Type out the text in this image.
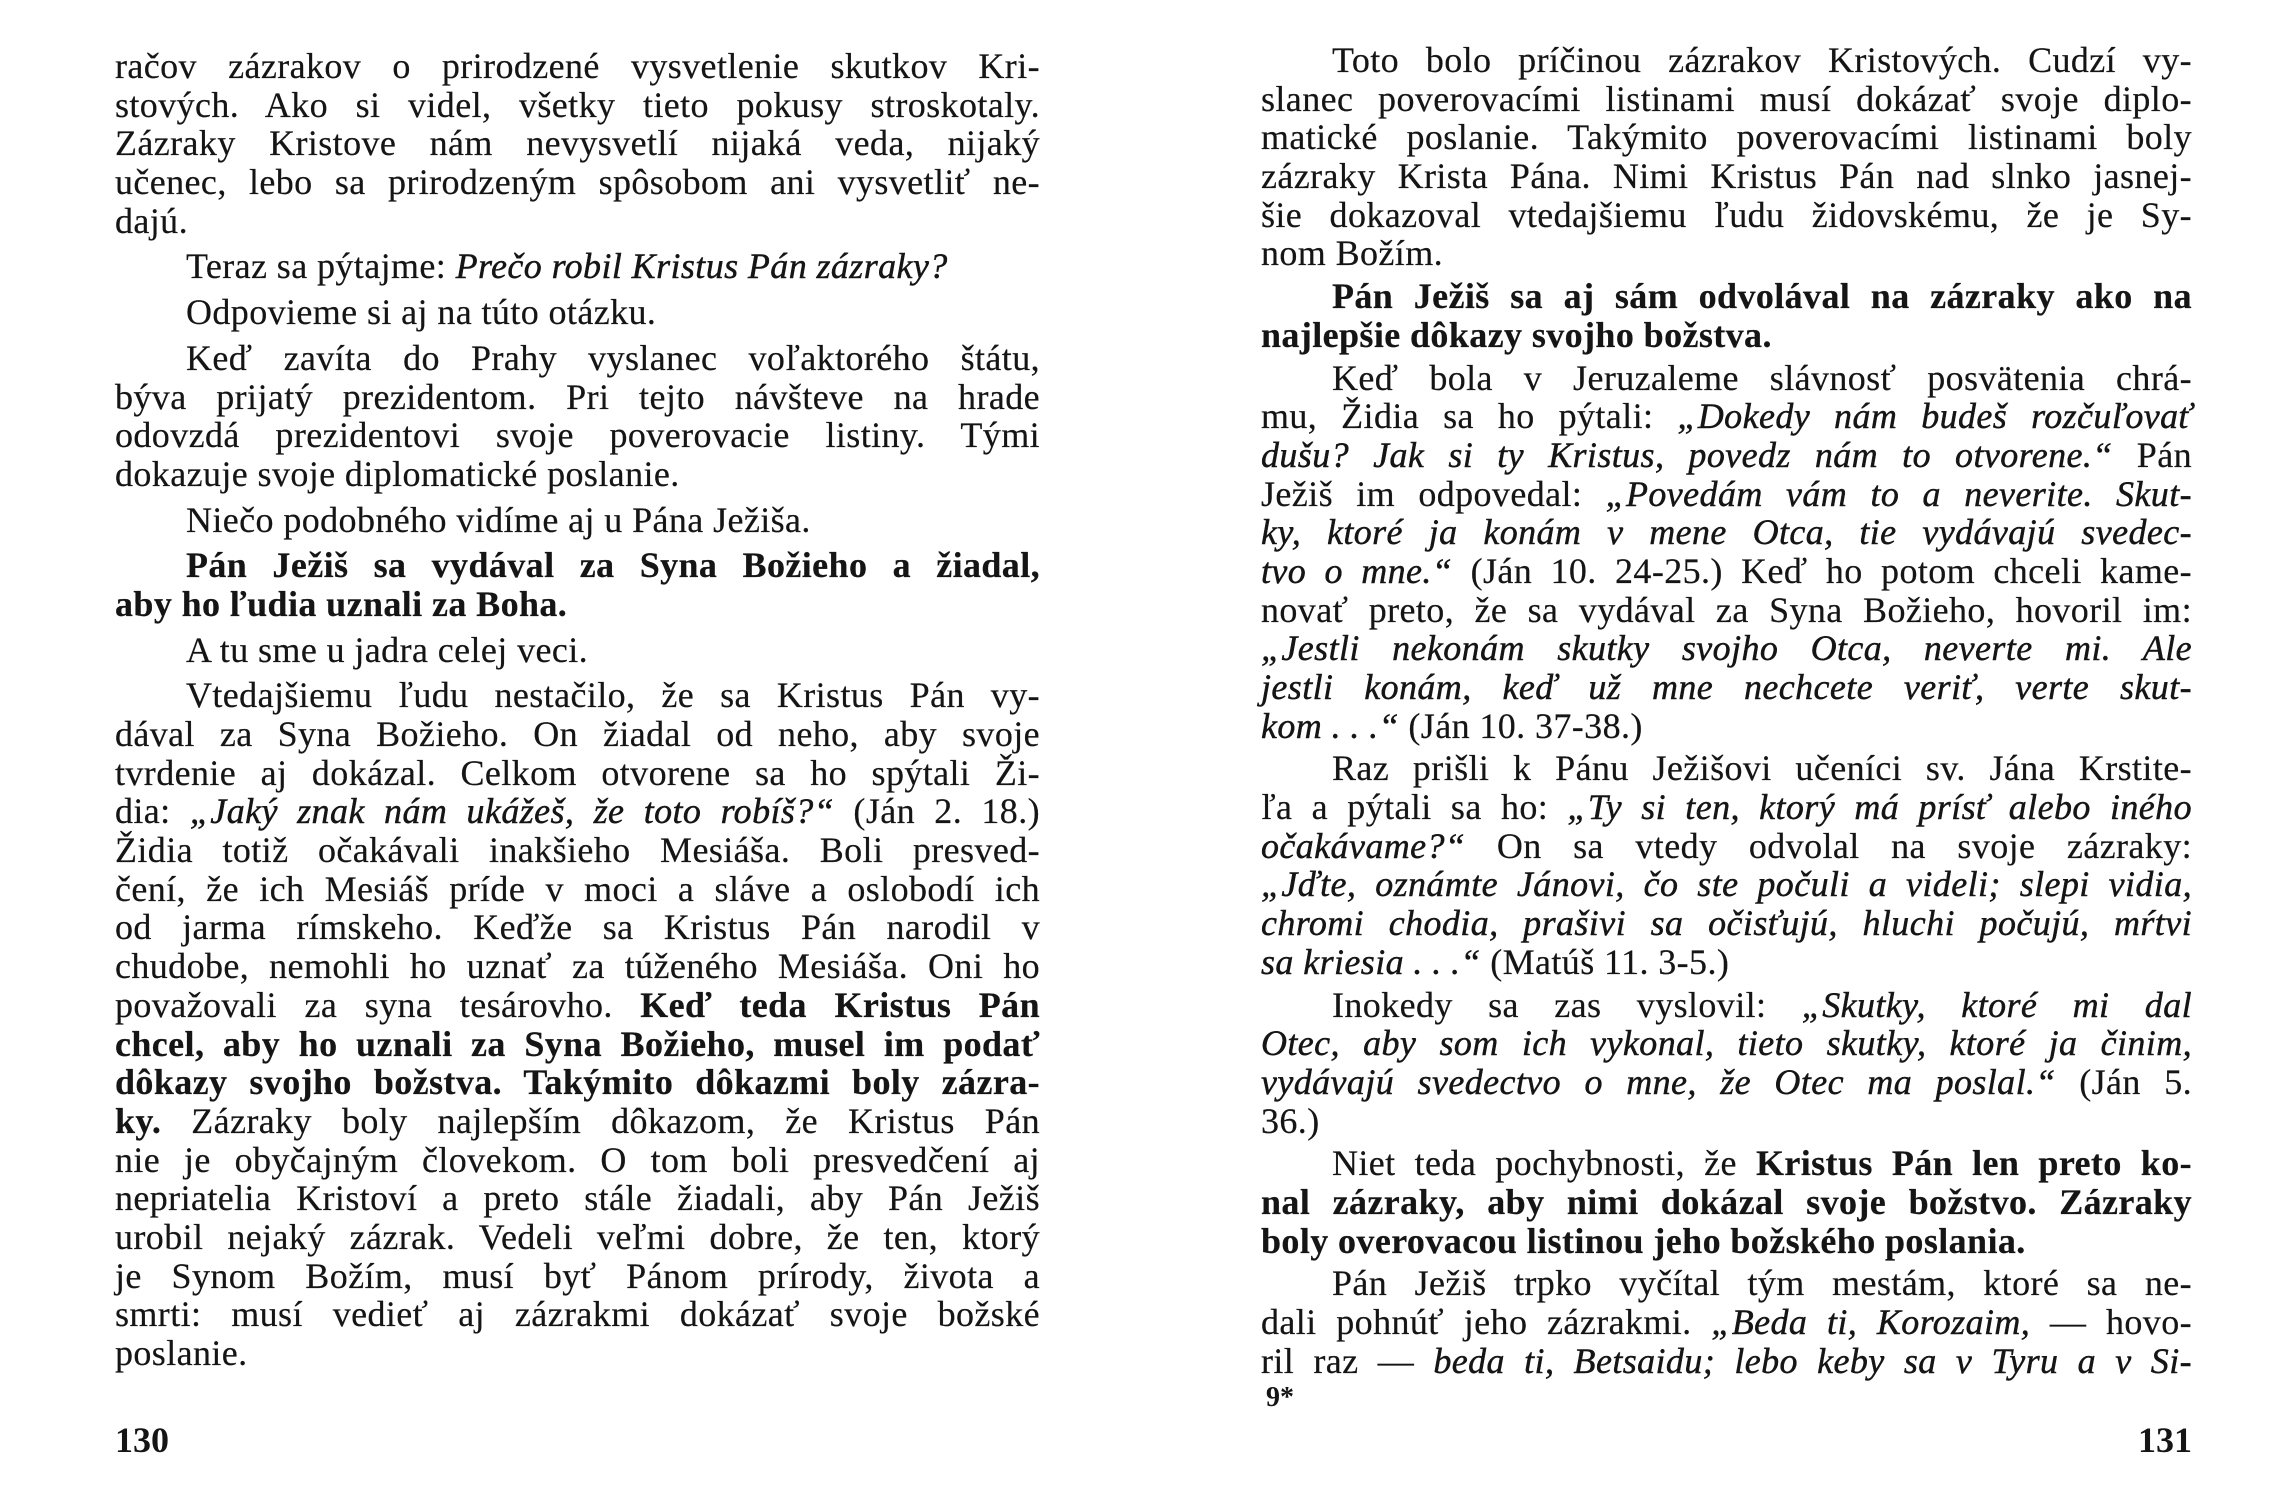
račov zázrakov o prirodzené vysvetlenie skutkov Kri-
stových. Ako si videl, všetky tieto pokusy stroskotaly.
Zázraky Kristove nám nevysvetlí nijaká veda, nijaký
učenec, lebo sa prirodzeným spôsobom ani vysvetliť ne-
dajú.
Teraz sa pýtajme: Prečo robil Kristus Pán zázraky?
Odpovieme si aj na túto otázku.
Keď zavíta do Prahy vyslanec voľaktorého štátu,
býva prijatý prezidentom. Pri tejto návšteve na hrade
odovzdá prezidentovi svoje poverovacie listiny. Tými
dokazuje svoje diplomatické poslanie.
Niečo podobného vidíme aj u Pána Ježiša.
Pán Ježiš sa vydával za Syna Božieho a žiadal,
aby ho ľudia uznali za Boha.
A tu sme u jadra celej veci.
Vtedajšiemu ľudu nestačilo, že sa Kristus Pán vy-
dával za Syna Božieho. On žiadal od neho, aby svoje
tvrdenie aj dokázal. Celkom otvorene sa ho spýtali Ži-
dia: „Jaký znak nám ukážeš, že toto robíš?“ (Ján 2. 18.)
Židia totiž očakávali inakšieho Mesiáša. Boli presved-
čení, že ich Mesiáš príde v moci a sláve a oslobodí ich
od jarma rímskeho. Keďže sa Kristus Pán narodil v
chudobe, nemohli ho uznať za túženého Mesiáša. Oni ho
považovali za syna tesárovho. Keď teda Kristus Pán
chcel, aby ho uznali za Syna Božieho, musel im podať
dôkazy svojho božstva. Takýmito dôkazmi boly zázra-
ky. Zázraky boly najlepším dôkazom, že Kristus Pán
nie je obyčajným človekom. O tom boli presvedčení aj
nepriatelia Kristoví a preto stále žiadali, aby Pán Ježiš
urobil nejaký zázrak. Vedeli veľmi dobre, že ten, ktorý
je Synom Božím, musí byť Pánom prírody, života a
smrti: musí vedieť aj zázrakmi dokázať svoje božské
poslanie.
Toto bolo príčinou zázrakov Kristových. Cudzí vy-
slanec poverovacími listinami musí dokázať svoje diplo-
matické poslanie. Takýmito poverovacími listinami boly
zázraky Krista Pána. Nimi Kristus Pán nad slnko jasnej-
šie dokazoval vtedajšiemu ľudu židovskému, že je Sy-
nom Božím.
Pán Ježiš sa aj sám odvolával na zázraky ako na
najlepšie dôkazy svojho božstva.
Keď bola v Jeruzaleme slávnosť posvätenia chrá-
mu, Židia sa ho pýtali: „Dokedy nám budeš rozčuľovať
dušu? Jak si ty Kristus, povedz nám to otvorene.“ Pán
Ježiš im odpovedal: „Povedám vám to a neverite. Skut-
ky, ktoré ja konám v mene Otca, tie vydávajú svedec-
tvo o mne.“ (Ján 10. 24-25.) Keď ho potom chceli kame-
novať preto, že sa vydával za Syna Božieho, hovoril im:
„Jestli nekonám skutky svojho Otca, neverte mi. Ale
jestli konám, keď už mne nechcete veriť, verte skut-
kom . . .“ (Ján 10. 37-38.)
Raz prišli k Pánu Ježišovi učeníci sv. Jána Krstite-
ľa a pýtali sa ho: „Ty si ten, ktorý má prísť alebo iného
očakávame?“ On sa vtedy odvolal na svoje zázraky:
„Jďte, oznámte Jánovi, čo ste počuli a videli; slepi vidia,
chromi chodia, prašivi sa očisťujú, hluchi počujú, mŕtvi
sa kriesia . . .“ (Matúš 11. 3-5.)
Inokedy sa zas vyslovil: „Skutky, ktoré mi dal
Otec, aby som ich vykonal, tieto skutky, ktoré ja činim,
vydávajú svedectvo o mne, že Otec ma poslal.“ (Ján 5.
36.)
Niet teda pochybnosti, že Kristus Pán len preto ko-
nal zázraky, aby nimi dokázal svoje božstvo. Zázraky
boly overovacou listinou jeho božského poslania.
Pán Ježiš trpko vyčítal tým mestám, ktoré sa ne-
dali pohnúť jeho zázrakmi. „Beda ti, Korozaim, — hovo-
ril raz — beda ti, Betsaidu; lebo keby sa v Tyru a v Si-
130
9*
131
